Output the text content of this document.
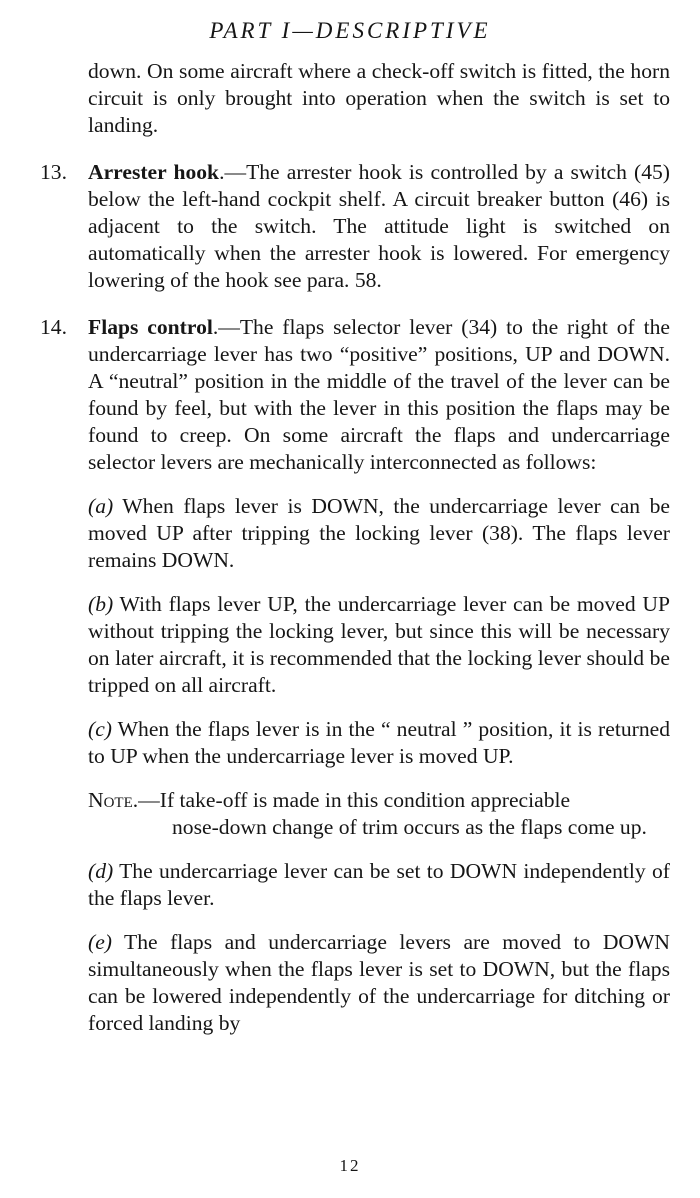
PART I—DESCRIPTIVE

down. On some aircraft where a check-off switch is fitted, the horn circuit is only brought into operation when the switch is set to landing.

13. Arrester hook.—The arrester hook is controlled by a switch (45) below the left-hand cockpit shelf. A circuit breaker button (46) is adjacent to the switch. The attitude light is switched on automatically when the arrester hook is lowered. For emergency lowering of the hook see para. 58.

14. Flaps control.—The flaps selector lever (34) to the right of the undercarriage lever has two “positive” positions, UP and DOWN. A “neutral” position in the middle of the travel of the lever can be found by feel, but with the lever in this position the flaps may be found to creep. On some aircraft the flaps and undercarriage selector levers are mechanically interconnected as follows:

(a) When flaps lever is DOWN, the undercarriage lever can be moved UP after tripping the locking lever (38). The flaps lever remains DOWN.

(b) With flaps lever UP, the undercarriage lever can be moved UP without tripping the locking lever, but since this will be necessary on later aircraft, it is recommended that the locking lever should be tripped on all aircraft.

(c) When the flaps lever is in the “ neutral ” position, it is returned to UP when the undercarriage lever is moved UP.

Note.—If take-off is made in this condition appreciable
nose-down change of trim occurs as the flaps come up.

(d) The undercarriage lever can be set to DOWN independently of the flaps lever.

(e) The flaps and undercarriage levers are moved to DOWN simultaneously when the flaps lever is set to DOWN, but the flaps can be lowered independently of the undercarriage for ditching or forced landing by

12
